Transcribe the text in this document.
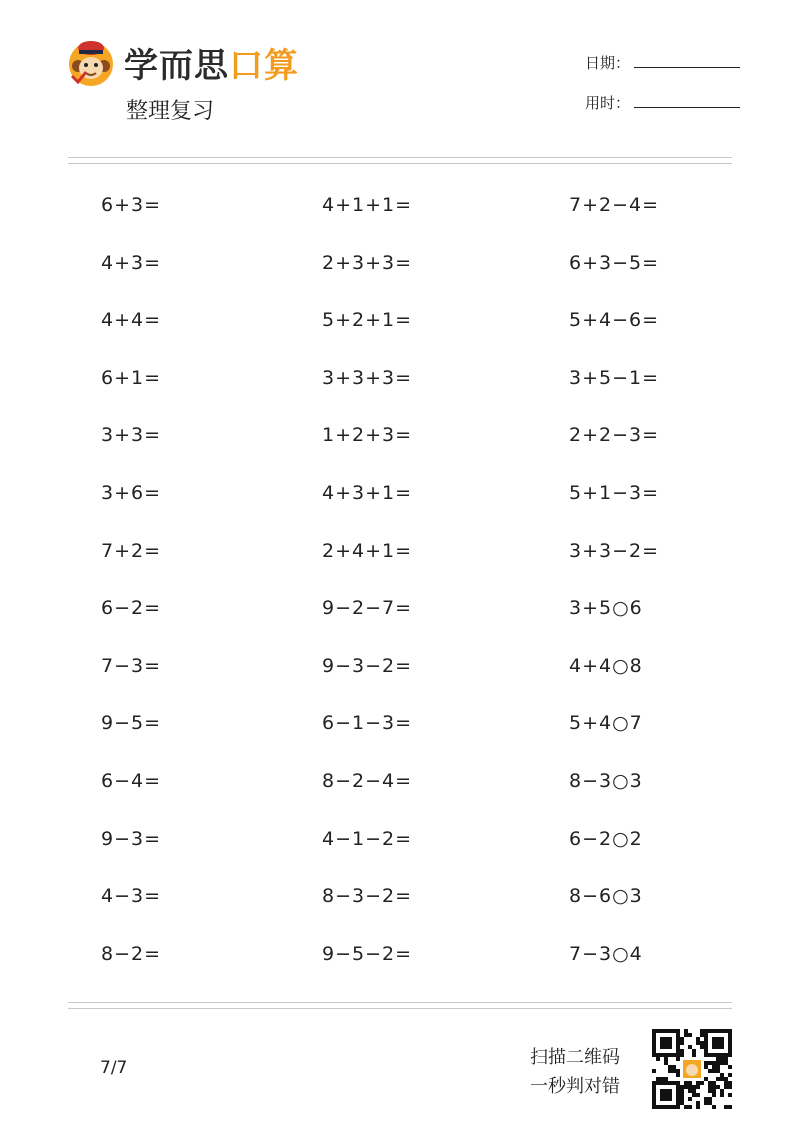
学而思口算
整理复习
日期：
用时：
6+3=	4+1+1=	7+2−4=
4+3=	2+3+3=	6+3−5=
4+4=	5+2+1=	5+4−6=
6+1=	3+3+3=	3+5−1=
3+3=	1+2+3=	2+2−3=
3+6=	4+3+1=	5+1−3=
7+2=	2+4+1=	3+3−2=
6−2=	9−2−7=	3+5○6
7−3=	9−3−2=	4+4○8
9−5=	6−1−3=	5+4○7
6−4=	8−2−4=	8−3○3
9−3=	4−1−2=	6−2○2
4−3=	8−3−2=	8−6○3
8−2=	9−5−2=	7−3○4
7/7	扫描二维码
一秒判对错
